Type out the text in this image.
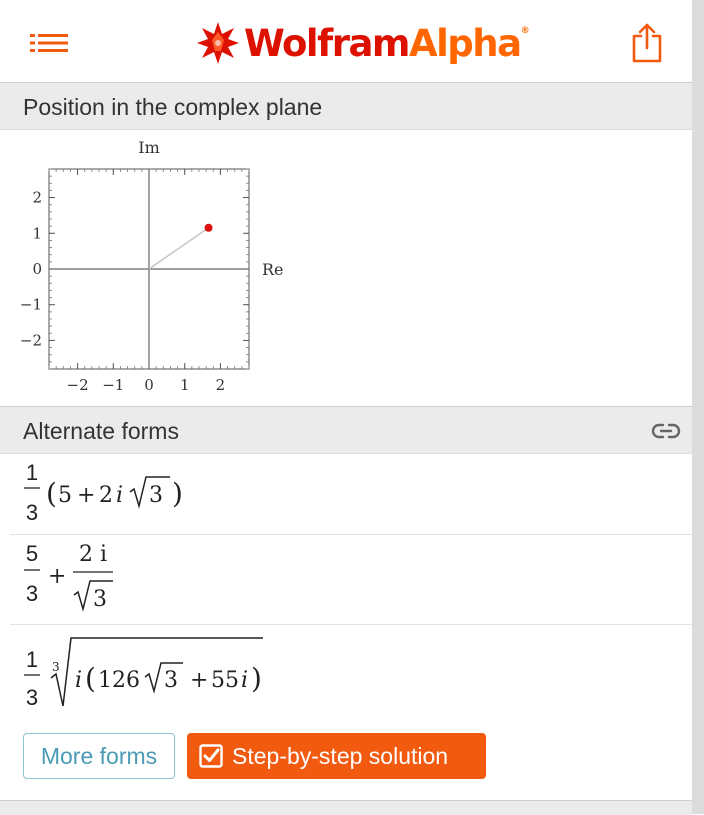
WolframAlpha®
Position in the complex plane
−2 −1 0 1 2
2
1
0
−1
−2
Im
Re
Alternate forms
1
3
( 5 + 2 i 3 )
5
3
+
2 i
3
1
3
3
i ( 126 3 + 55 i )
More forms	Step-by-step solution
